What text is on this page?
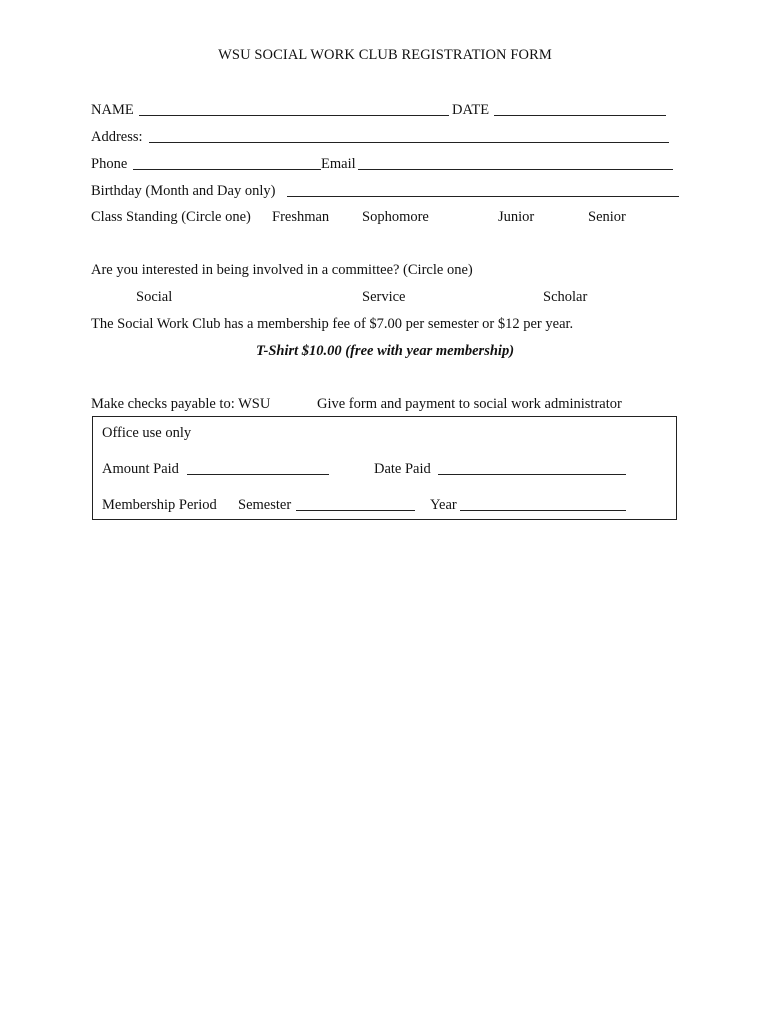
WSU SOCIAL WORK CLUB REGISTRATION FORM
NAME	DATE
Address:
Phone	Email
Birthday (Month and Day only)
Class Standing (Circle one) Freshman Sophomore	Junior	Senior
Are you interested in being involved in a committee? (Circle one)
Social	Service	Scholar
The Social Work Club has a membership fee of $7.00 per semester or $12 per year.
T-Shirt $10.00 (free with year membership)
Make checks payable to: WSU	Give form and payment to social work administrator
Office use only
Amount Paid	Date Paid
Membership Period Semester	Year
